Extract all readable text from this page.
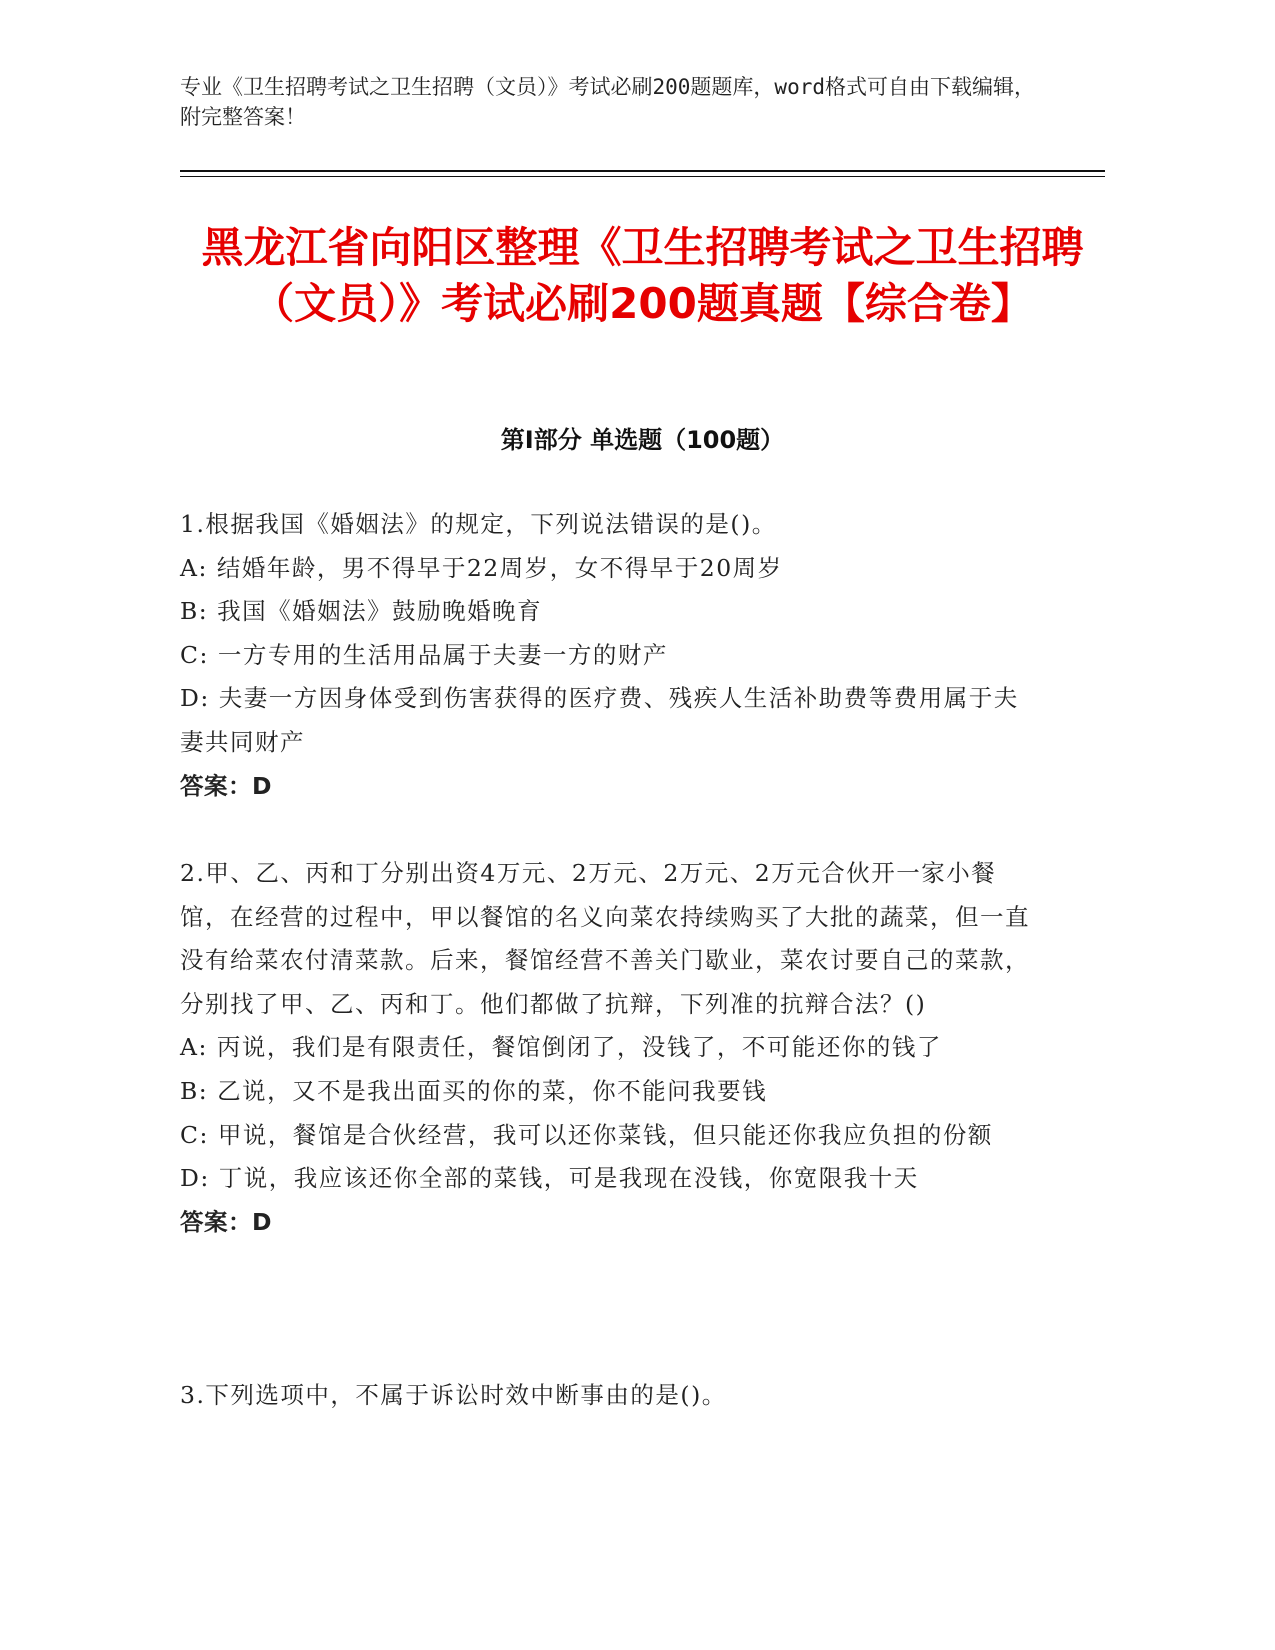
专业《卫生招聘考试之卫生招聘（文员）》考试必刷200题题库，word格式可自由下载编辑，附完整答案！
黑龙江省向阳区整理《卫生招聘考试之卫生招聘（文员）》考试必刷200题真题【综合卷】
第Ⅰ部分 单选题（100题）

1.根据我国《婚姻法》的规定，下列说法错误的是()。

A: 结婚年龄，男不得早于22周岁，女不得早于20周岁

B: 我国《婚姻法》鼓励晚婚晚育

C: 一方专用的生活用品属于夫妻一方的财产

D: 夫妻一方因身体受到伤害获得的医疗费、残疾人生活补助费等费用属于夫妻共同财产

答案：D

2.甲、乙、丙和丁分别出资4万元、2万元、2万元、2万元合伙开一家小餐馆，在经营的过程中，甲以餐馆的名义向菜农持续购买了大批的蔬菜，但一直没有给菜农付清菜款。后来，餐馆经营不善关门歇业，菜农讨要自己的菜款，分别找了甲、乙、丙和丁。他们都做了抗辩，下列准的抗辩合法？()

A: 丙说，我们是有限责任，餐馆倒闭了，没钱了，不可能还你的钱了

B: 乙说，又不是我出面买的你的菜，你不能问我要钱

C: 甲说，餐馆是合伙经营，我可以还你菜钱，但只能还你我应负担的份额

D: 丁说，我应该还你全部的菜钱，可是我现在没钱，你宽限我十天

答案：D

3.下列选项中，不属于诉讼时效中断事由的是()。
